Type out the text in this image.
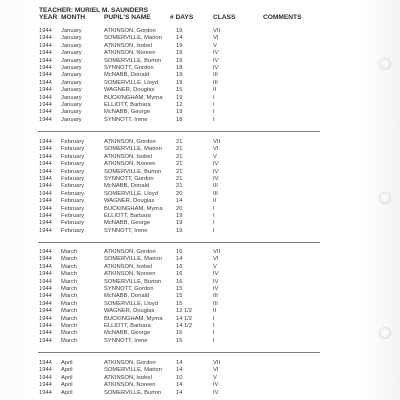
TEACHER: MURIEL M. SAUNDERS
YEAR MONTH	PUPIL'S NAME	# DAYS	CLASS	COMMENTS
1944 January	ATKINSON, Gordon	19	VII
1944 January	SOMERVILLE, Marion 14	VI
1944 January	ATKINSON, Isobel	19	V
1944 January	ATKINSON, Noreen	19	IV
1944 January	SOMERVILLE, Burton	19	IV
1944 January	SYNNOTT, Gordon	18	IV
1944 January	McNABB, Donald	19	III
1944 January	SOMERVILLE, Lloyd	19	III
1944 January	WAGNER, Douglas	15	II
1944 January	BUCKINGHAM, Myrna 19	I
1944 January	ELLIOTT, Barbara	12	I
1944 January	McNABB, George	19	I
1944 January	SYNNOTT, Irene	18	I
1944 February	ATKINSON, Gordon	21	VII
1944 February	SOMERVILLE, Marion 21	VI
1944 February	ATKINSON, Isobel	21	V
1944 February	ATKINSON, Noreen	21	IV
1944 February	SOMERVILLE, Burton	21	IV
1944 February	SYNNOTT, Gordon	21	IV
1944 February	McNABB, Donald	21	III
1944 February	SOMERVILLE, Lloyd	20	III
1944 February	WAGNER, Douglas	14	II
1944 February	BUCKINGHAM, Myrna 20	I
1944 February	ELLIOTT, Barbara	19	I
1944 February	McNABB, George	19	I
1944 February	SYNNOTT, Irene	19	I
1944 March	ATKINSON, Gordon	16	VII
1944 March	SOMERVILLE, Marion 14	VI
1944 March	ATKINSON, Isobel	16	V
1944 March	ATKINSON, Noreen	16	IV
1944 March	SOMERVILLE, Burton	16	IV
1944 March	SYNNOTT, Gordon	15	IV
1944 March	McNABB, Donald	15	III
1944 March	SOMERVILLE, Lloyd	15	III
1944 March	WAGNER, Douglas	12 1/2	II
1944 March	BUCKINGHAM, Myrna 14 1/2	I
1944 March	ELLIOTT, Barbara	14 1/2	I
1944 March	McNABB, George	16	I
1944 March	SYNNOTT, Irene	15	I
1944 April	ATKINSON, Gordon	14	VII
1944 April	SOMERVILLE, Marion 14	VI
1944 April	ATKINSON, Isobel	10	V
1944 April	ATKINSON, Noreen	14	IV
1944 April	SOMERVILLE, Burton	14	IV
